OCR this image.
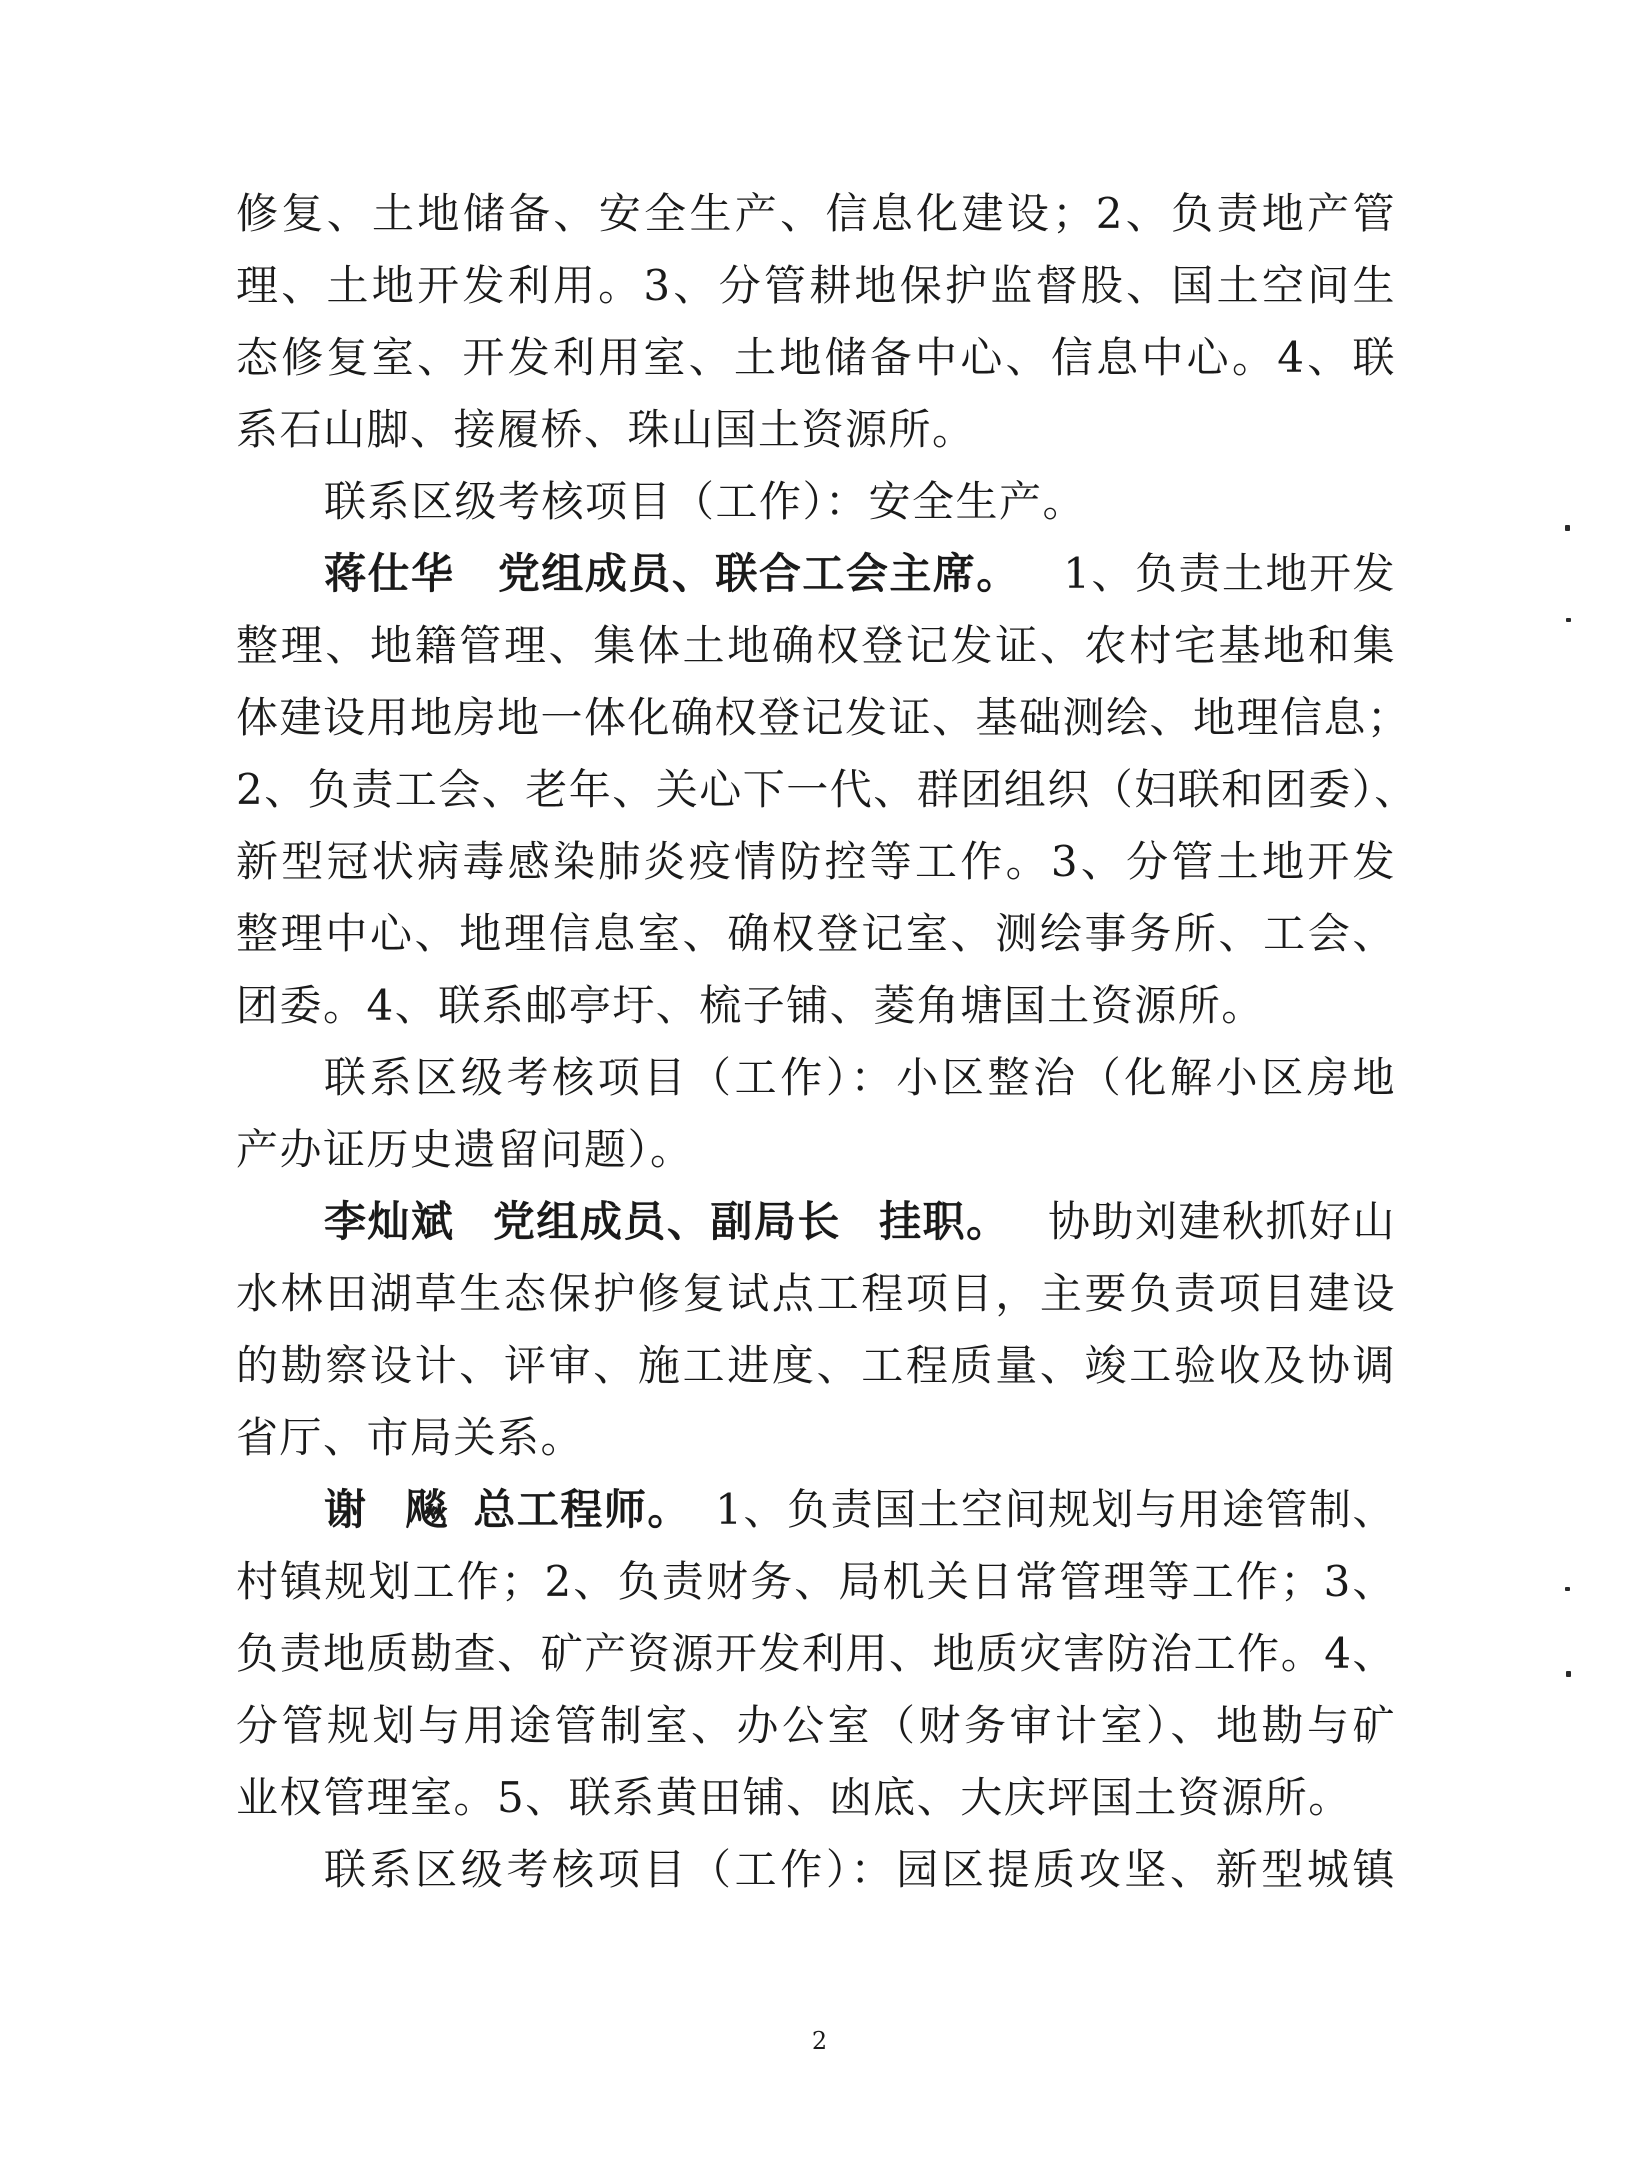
修复、土地储备、安全生产、信息化建设；2、负责地产管
理、土地开发利用。3、分管耕地保护监督股、国土空间生
态修复室、开发利用室、土地储备中心、信息中心。4、联
系石山脚、接履桥、珠山国土资源所。
联系区级考核项目（工作）：安全生产。
蒋仕华 党组成员、联合工会主席。 1、负责土地开发
整理、地籍管理、集体土地确权登记发证、农村宅基地和集
体建设用地房地一体化确权登记发证、基础测绘、地理信息；
2、负责工会、老年、关心下一代、群团组织（妇联和团委）、
新型冠状病毒感染肺炎疫情防控等工作。3、分管土地开发
整理中心、地理信息室、确权登记室、测绘事务所、工会、
团委。4、联系邮亭圩、梳子铺、菱角塘国土资源所。
联系区级考核项目（工作）：小区整治（化解小区房地
产办证历史遗留问题）。
李灿斌 党组成员、副局长 挂职。 协助刘建秋抓好山
水林田湖草生态保护修复试点工程项目，主要负责项目建设
的勘察设计、评审、施工进度、工程质量、竣工验收及协调
省厅、市局关系。
谢 飚 总工程师。 1、负责国土空间规划与用途管制、
村镇规划工作；2、负责财务、局机关日常管理等工作；3、
负责地质勘查、矿产资源开发利用、地质灾害防治工作。4、
分管规划与用途管制室、办公室（财务审计室）、地勘与矿
业权管理室。5、联系黄田铺、凼底、大庆坪国土资源所。
联系区级考核项目（工作）：园区提质攻坚、新型城镇
2
